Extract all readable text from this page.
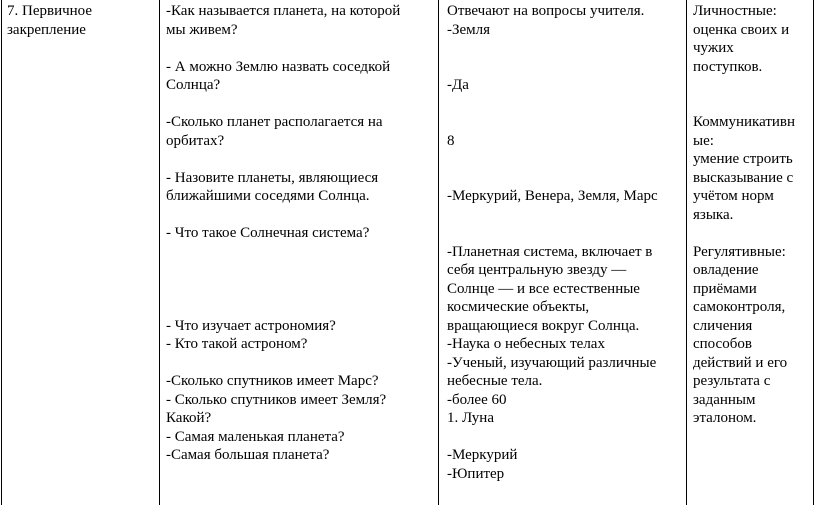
7. Первичное
закрепление
-Как называется планета, на которой
мы живем?
- А можно Землю назвать соседкой
Солнца?
-Сколько планет располагается на
орбитах?
- Назовите планеты, являющиеся
ближайшими соседями Солнца.
- Что такое Солнечная система?
- Что изучает астрономия?
- Кто такой астроном?
-Сколько спутников имеет Марс?
- Сколько спутников имеет Земля?
Какой?
- Самая маленькая планета?
-Самая большая планета?
Отвечают на вопросы учителя.
-Земля
-Да
8
-Меркурий, Венера, Земля, Марс
-Планетная система, включает в
себя центральную звезду —
Солнце — и все естественные
космические объекты,
вращающиеся вокруг Солнца.
-Наука о небесных телах
-Ученый, изучающий различные
небесные тела.
-более 60
1. Луна
-Меркурий
-Юпитер
Личностные:
оценка своих и
чужих
поступков.
Коммуникативн
ые:
умение строить
высказывание с
учётом норм
языка.
Регулятивные:
овладение
приёмами
самоконтроля,
сличения
способов
действий и его
результата с
заданным
эталоном.
